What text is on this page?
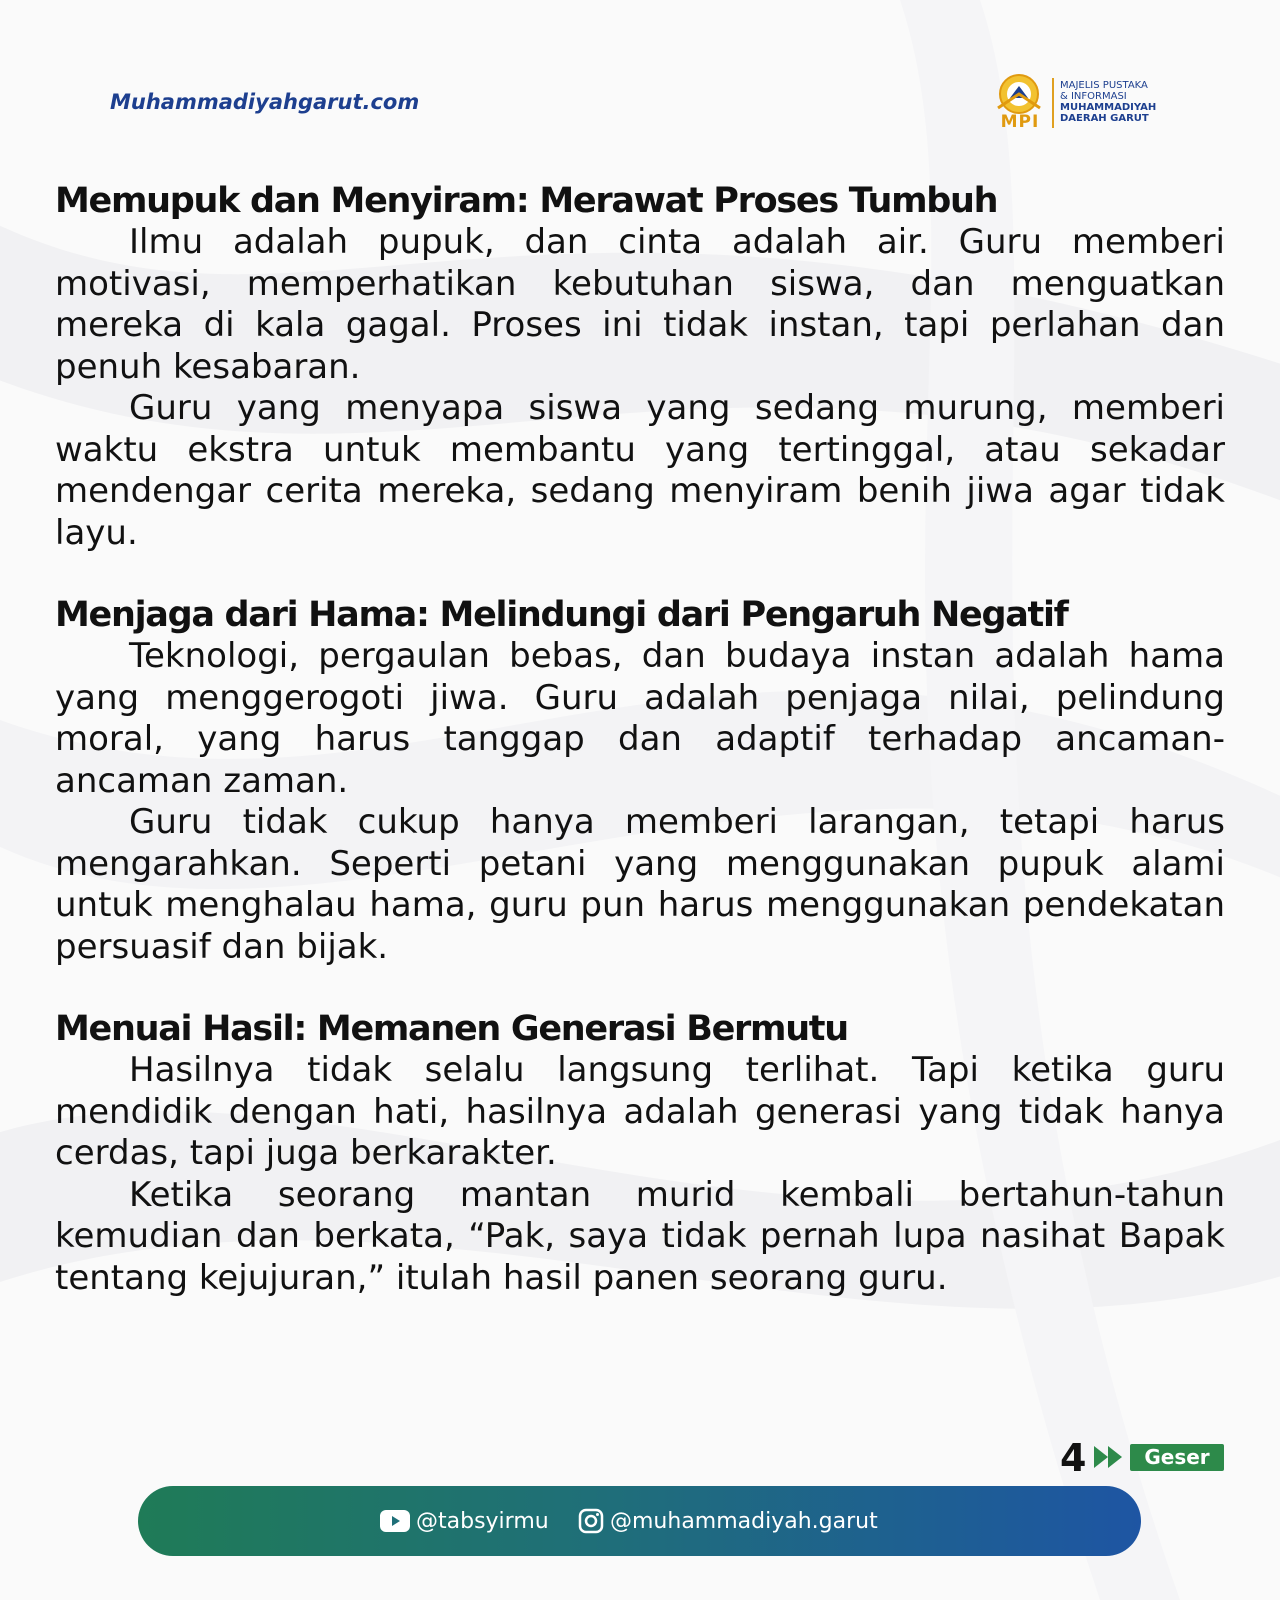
Muhammadiyahgarut.com
MPI
MAJELIS PUSTAKA
& INFORMASI
MUHAMMADIYAH
DAERAH GARUT
Memupuk dan Menyiram: Merawat Proses Tumbuh

Ilmu adalah pupuk, dan cinta adalah air. Guru memberi motivasi, memperhatikan kebutuhan siswa, dan menguatkan mereka di kala gagal. Proses ini tidak instan, tapi perlahan dan penuh kesabaran.

Guru yang menyapa siswa yang sedang murung, memberi waktu ekstra untuk membantu yang tertinggal, atau sekadar mendengar cerita mereka, sedang menyiram benih jiwa agar tidak layu.

Menjaga dari Hama: Melindungi dari Pengaruh Negatif

Teknologi, pergaulan bebas, dan budaya instan adalah hama yang menggerogoti jiwa. Guru adalah penjaga nilai, pelindung moral, yang harus tanggap dan adaptif terhadap ancaman-ancaman zaman.

Guru tidak cukup hanya memberi larangan, tetapi harus mengarahkan. Seperti petani yang menggunakan pupuk alami untuk menghalau hama, guru pun harus menggunakan pendekatan persuasif dan bijak.

Menuai Hasil: Memanen Generasi Bermutu

Hasilnya tidak selalu langsung terlihat. Tapi ketika guru mendidik dengan hati, hasilnya adalah generasi yang tidak hanya cerdas, tapi juga berkarakter.

Ketika seorang mantan murid kembali bertahun-tahun kemudian dan berkata, “Pak, saya tidak pernah lupa nasihat Bapak tentang kejujuran,” itulah hasil panen seorang guru.

4	Geser
@tabsyirmu	@muhammadiyah.garut
